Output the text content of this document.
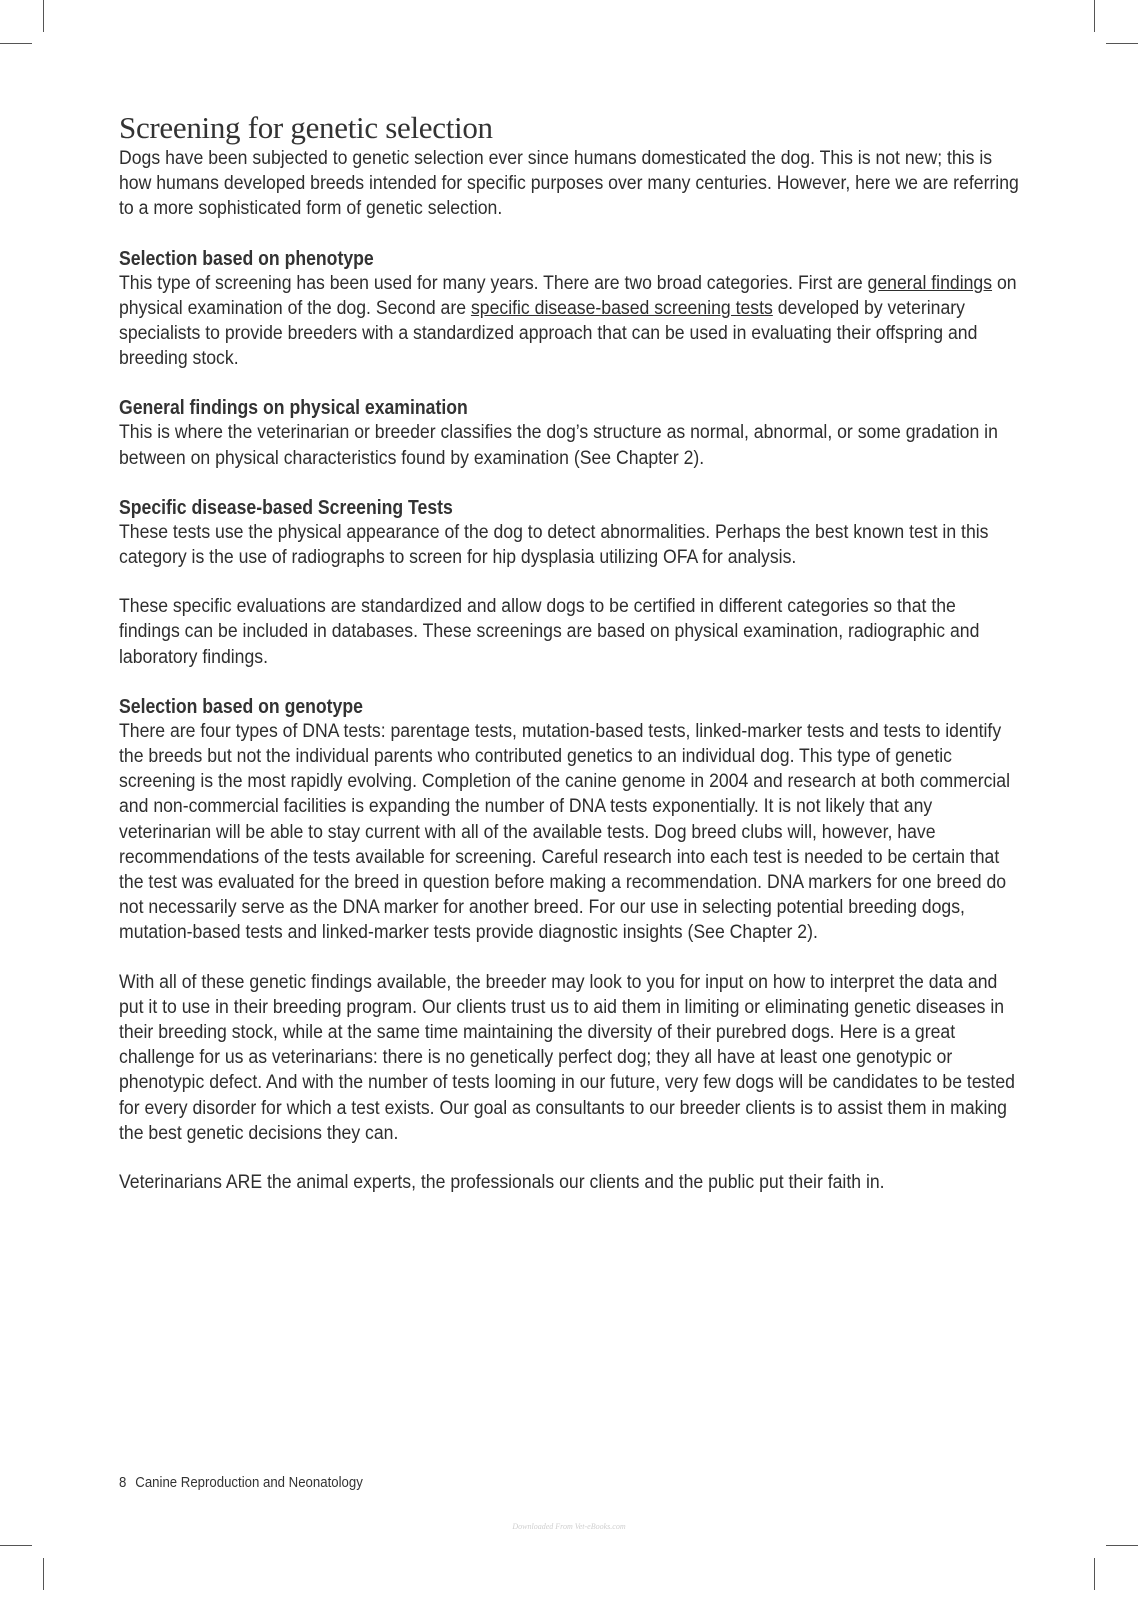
Screening for genetic selection

Dogs have been subjected to genetic selection ever since humans domesticated the dog. This is not new; this is how humans developed breeds intended for specific purposes over many centuries. However, here we are referring to a more sophisticated form of genetic selection.

Selection based on phenotype

This type of screening has been used for many years. There are two broad categories. First are general findings on physical examination of the dog. Second are specific disease-based screening tests developed by veterinary specialists to provide breeders with a standardized approach that can be used in evaluating their offspring and breeding stock.

General findings on physical examination

This is where the veterinarian or breeder classifies the dog’s structure as normal, abnormal, or some gradation in between on physical characteristics found by examination (See Chapter 2).

Specific disease-based Screening Tests

These tests use the physical appearance of the dog to detect abnormalities. Perhaps the best known test in this category is the use of radiographs to screen for hip dysplasia utilizing OFA for analysis.

These specific evaluations are standardized and allow dogs to be certified in different categories so that the findings can be included in databases. These screenings are based on physical examination, radiographic and laboratory findings.

Selection based on genotype

There are four types of DNA tests: parentage tests, mutation-based tests, linked-marker tests and tests to identify the breeds but not the individual parents who contributed genetics to an individual dog. This type of genetic screening is the most rapidly evolving. Completion of the canine genome in 2004 and research at both commercial and non-commercial facilities is expanding the number of DNA tests exponentially. It is not likely that any veterinarian will be able to stay current with all of the available tests. Dog breed clubs will, however, have recommendations of the tests available for screening. Careful research into each test is needed to be certain that the test was evaluated for the breed in question before making a recommendation. DNA markers for one breed do not necessarily serve as the DNA marker for another breed. For our use in selecting potential breeding dogs, mutation-based tests and linked-marker tests provide diagnostic insights (See Chapter 2).

With all of these genetic findings available, the breeder may look to you for input on how to interpret the data and put it to use in their breeding program. Our clients trust us to aid them in limiting or eliminating genetic diseases in their breeding stock, while at the same time maintaining the diversity of their purebred dogs. Here is a great challenge for us as veterinarians: there is no genetically perfect dog; they all have at least one genotypic or phenotypic defect. And with the number of tests looming in our future, very few dogs will be candidates to be tested for every disorder for which a test exists. Our goal as consultants to our breeder clients is to assist them in making the best genetic decisions they can.

Veterinarians ARE the animal experts, the professionals our clients and the public put their faith in.

8 Canine Reproduction and Neonatology
Downloaded From Vet-eBooks.com
